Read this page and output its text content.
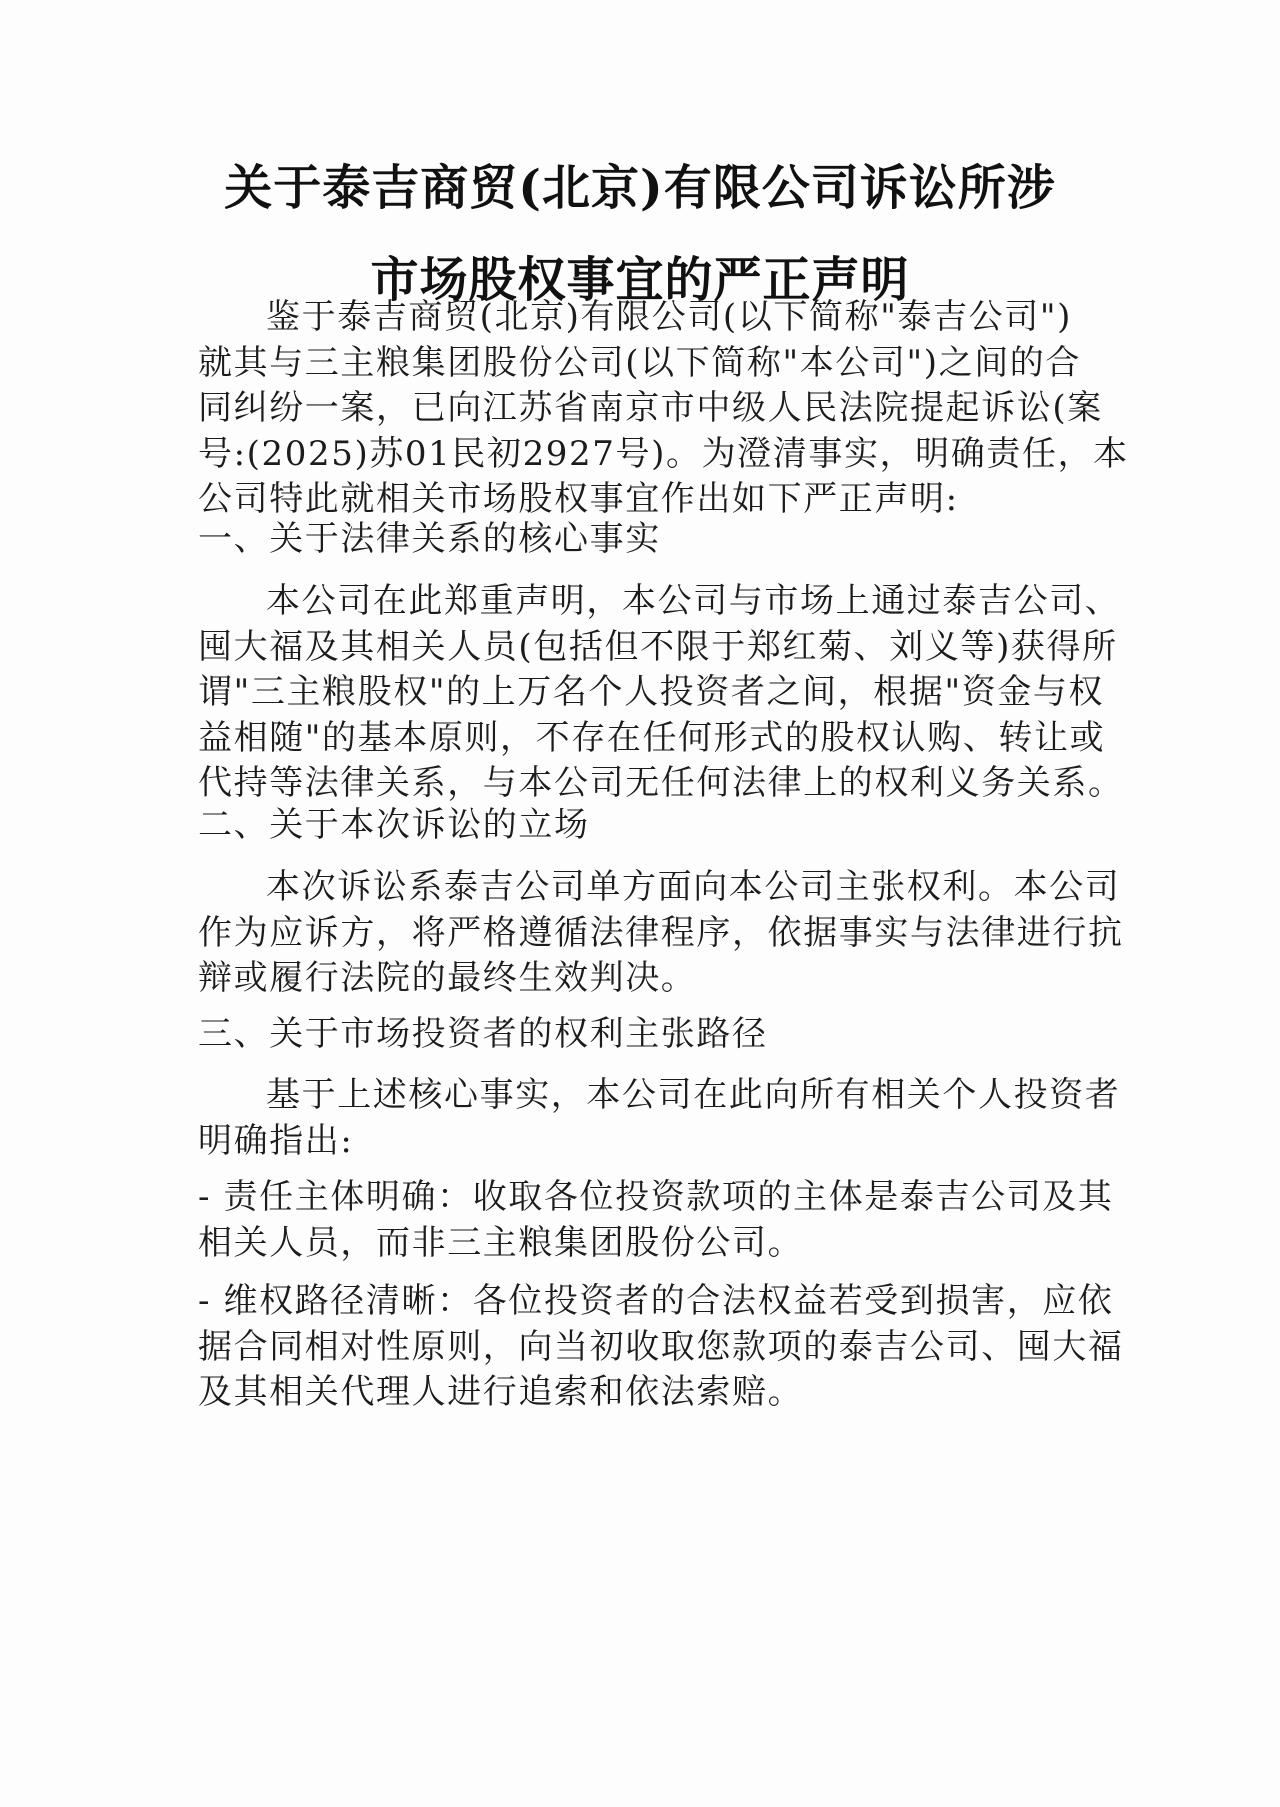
关于泰吉商贸(北京)有限公司诉讼所涉
市场股权事宜的严正声明
鉴于泰吉商贸(北京)有限公司(以下简称"泰吉公司")
就其与三主粮集团股份公司(以下简称"本公司")之间的合
同纠纷一案，已向江苏省南京市中级人民法院提起诉讼(案
号:(2025)苏01民初2927号)。为澄清事实，明确责任，本
公司特此就相关市场股权事宜作出如下严正声明:
一、关于法律关系的核心事实
本公司在此郑重声明，本公司与市场上通过泰吉公司、
囤大福及其相关人员(包括但不限于郑红菊、刘义等)获得所
谓"三主粮股权"的上万名个人投资者之间，根据"资金与权
益相随"的基本原则，不存在任何形式的股权认购、转让或
代持等法律关系，与本公司无任何法律上的权利义务关系。
二、关于本次诉讼的立场
本次诉讼系泰吉公司单方面向本公司主张权利。本公司
作为应诉方，将严格遵循法律程序，依据事实与法律进行抗
辩或履行法院的最终生效判决。
三、关于市场投资者的权利主张路径
基于上述核心事实，本公司在此向所有相关个人投资者
明确指出:
- 责任主体明确：收取各位投资款项的主体是泰吉公司及其
相关人员，而非三主粮集团股份公司。
- 维权路径清晰：各位投资者的合法权益若受到损害，应依
据合同相对性原则，向当初收取您款项的泰吉公司、囤大福
及其相关代理人进行追索和依法索赔。
